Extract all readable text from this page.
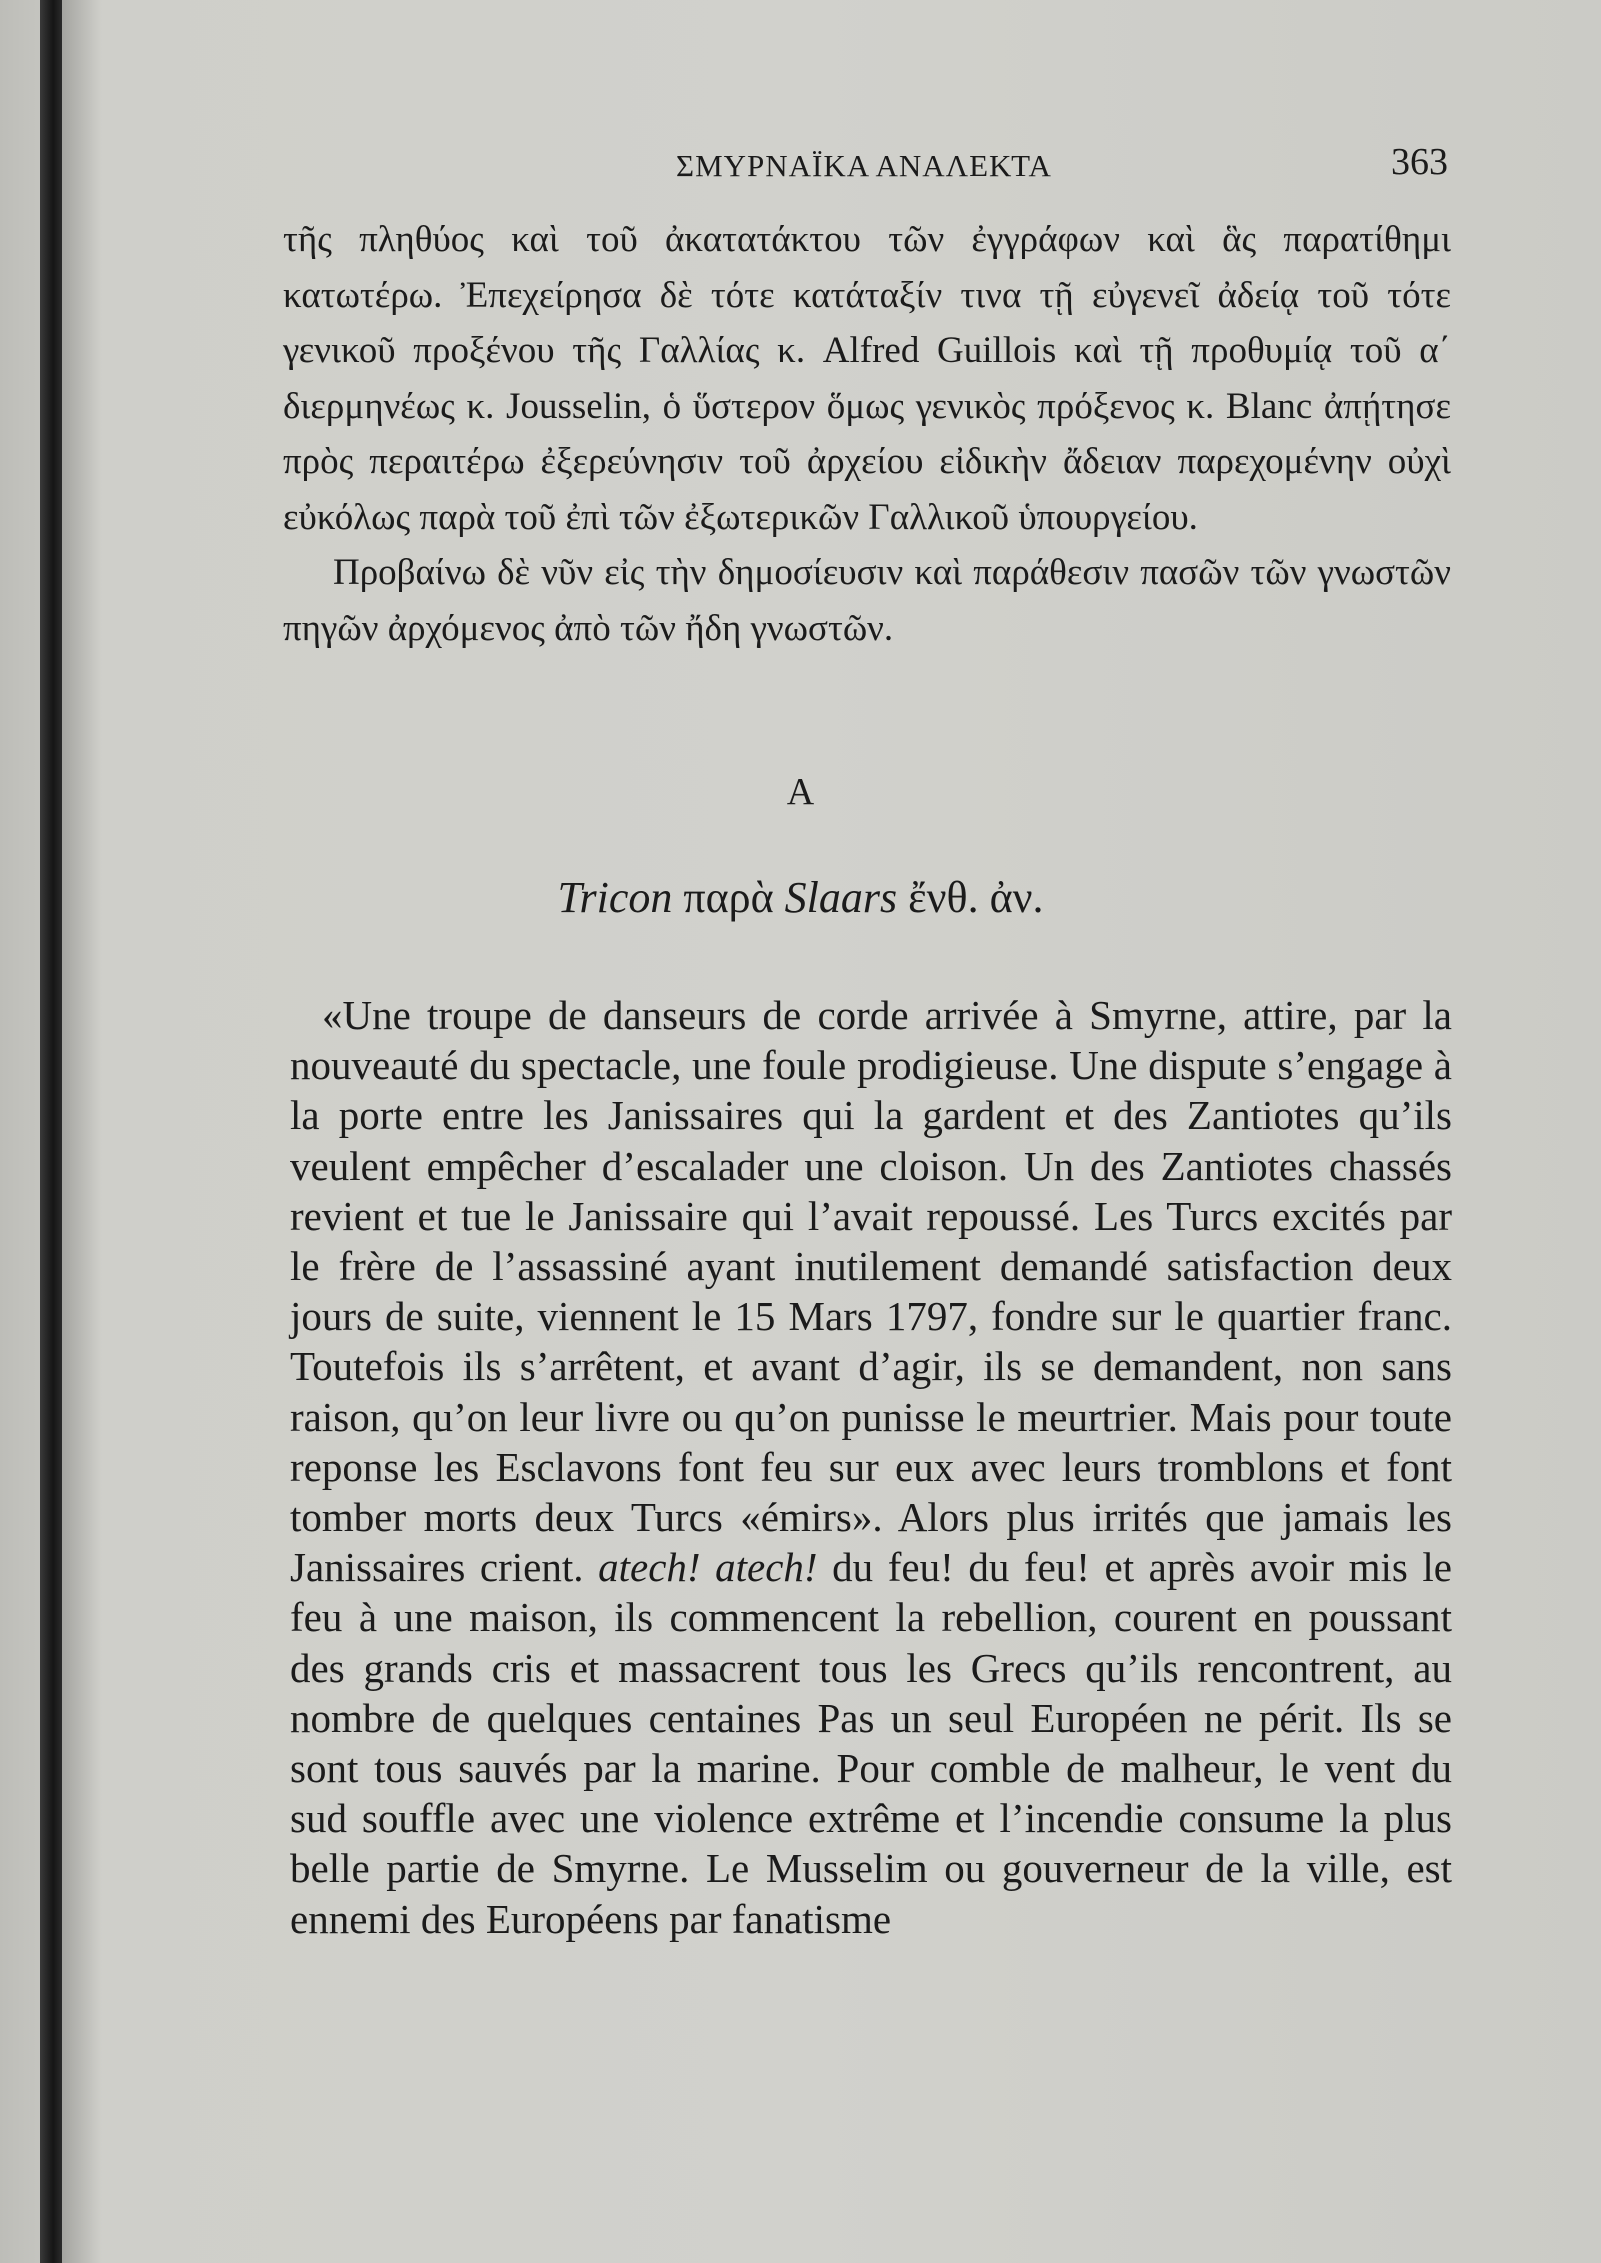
ΣΜΥΡΝΑΪΚΑ ΑΝΑΛΕΚΤΑ	363

τῆς πληθύος καὶ τοῦ ἀκατατάκτου τῶν ἐγγράφων καὶ ἃς παρατίθημι κατωτέρω. Ἐπεχείρησα δὲ τότε κατάταξίν τινα τῇ εὐγενεῖ ἀδείᾳ τοῦ τότε γενικοῦ προξένου τῆς Γαλλίας κ. Alfred Guillois καὶ τῇ προθυμίᾳ τοῦ α΄ διερμηνέως κ. Jousselin, ὁ ὕστερον ὅμως γενικὸς πρόξενος κ. Blanc ἀπῄτησε πρὸς περαιτέρω ἐξερεύνησιν τοῦ ἀρχείου εἰδικὴν ἄδειαν παρεχομένην οὐχὶ εὐκόλως παρὰ τοῦ ἐπὶ τῶν ἐξωτερικῶν Γαλλικοῦ ὑπουργείου.

Προβαίνω δὲ νῦν εἰς τὴν δημοσίευσιν καὶ παράθεσιν πασῶν τῶν γνωστῶν πηγῶν ἀρχόμενος ἀπὸ τῶν ἤδη γνωστῶν.

Α
Tricon παρὰ Slaars ἔνθ. ἀν.

«Une troupe de danseurs de corde arrivée à Smyrne, attire, par la nouveauté du spectacle, une foule prodigieuse. Une dispute s’engage à la porte entre les Janissaires qui la gardent et des Zantiotes qu’ils veulent empêcher d’escalader une cloison. Un des Zantiotes chassés revient et tue le Janissaire qui l’avait repoussé. Les Turcs excités par le frère de l’assassiné ayant inutilement demandé satisfaction deux jours de suite, viennent le 15 Mars 1797, fondre sur le quartier franc. Toutefois ils s’arrêtent, et avant d’agir, ils se demandent, non sans raison, qu’on leur livre ou qu’on punisse le meurtrier. Mais pour toute reponse les Esclavons font feu sur eux avec leurs tromblons et font tomber morts deux Turcs «émirs». Alors plus irrités que jamais les Janissaires crient. atech! atech! du feu! du feu! et après avoir mis le feu à une maison, ils commencent la rebellion, courent en poussant des grands cris et massacrent tous les Grecs qu’ils rencontrent, au nombre de quelques centaines Pas un seul Européen ne périt. Ils se sont tous sauvés par la marine. Pour comble de malheur, le vent du sud souffle avec une violence extrême et l’incendie consume la plus belle partie de Smyrne. Le Musselim ou gouverneur de la ville, est ennemi des Européens par fanatisme
